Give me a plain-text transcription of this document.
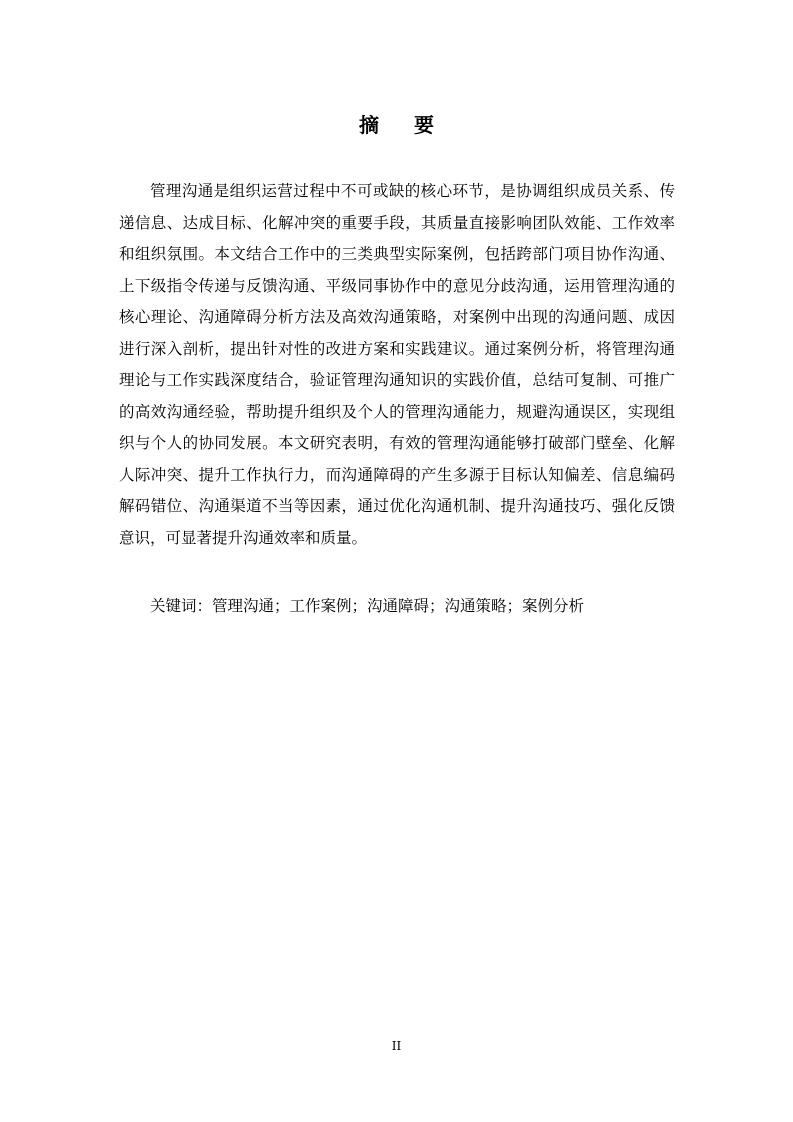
摘 要

管理沟通是组织运营过程中不可或缺的核心环节，是协调组织成员关系、传递信息、达成目标、化解冲突的重要手段，其质量直接影响团队效能、工作效率和组织氛围。本文结合工作中的三类典型实际案例，包括跨部门项目协作沟通、上下级指令传递与反馈沟通、平级同事协作中的意见分歧沟通，运用管理沟通的核心理论、沟通障碍分析方法及高效沟通策略，对案例中出现的沟通问题、成因进行深入剖析，提出针对性的改进方案和实践建议。通过案例分析，将管理沟通理论与工作实践深度结合，验证管理沟通知识的实践价值，总结可复制、可推广的高效沟通经验，帮助提升组织及个人的管理沟通能力，规避沟通误区，实现组织与个人的协同发展。本文研究表明，有效的管理沟通能够打破部门壁垒、化解人际冲突、提升工作执行力，而沟通障碍的产生多源于目标认知偏差、信息编码解码错位、沟通渠道不当等因素，通过优化沟通机制、提升沟通技巧、强化反馈意识，可显著提升沟通效率和质量。

关键词：管理沟通；工作案例；沟通障碍；沟通策略；案例分析
II
